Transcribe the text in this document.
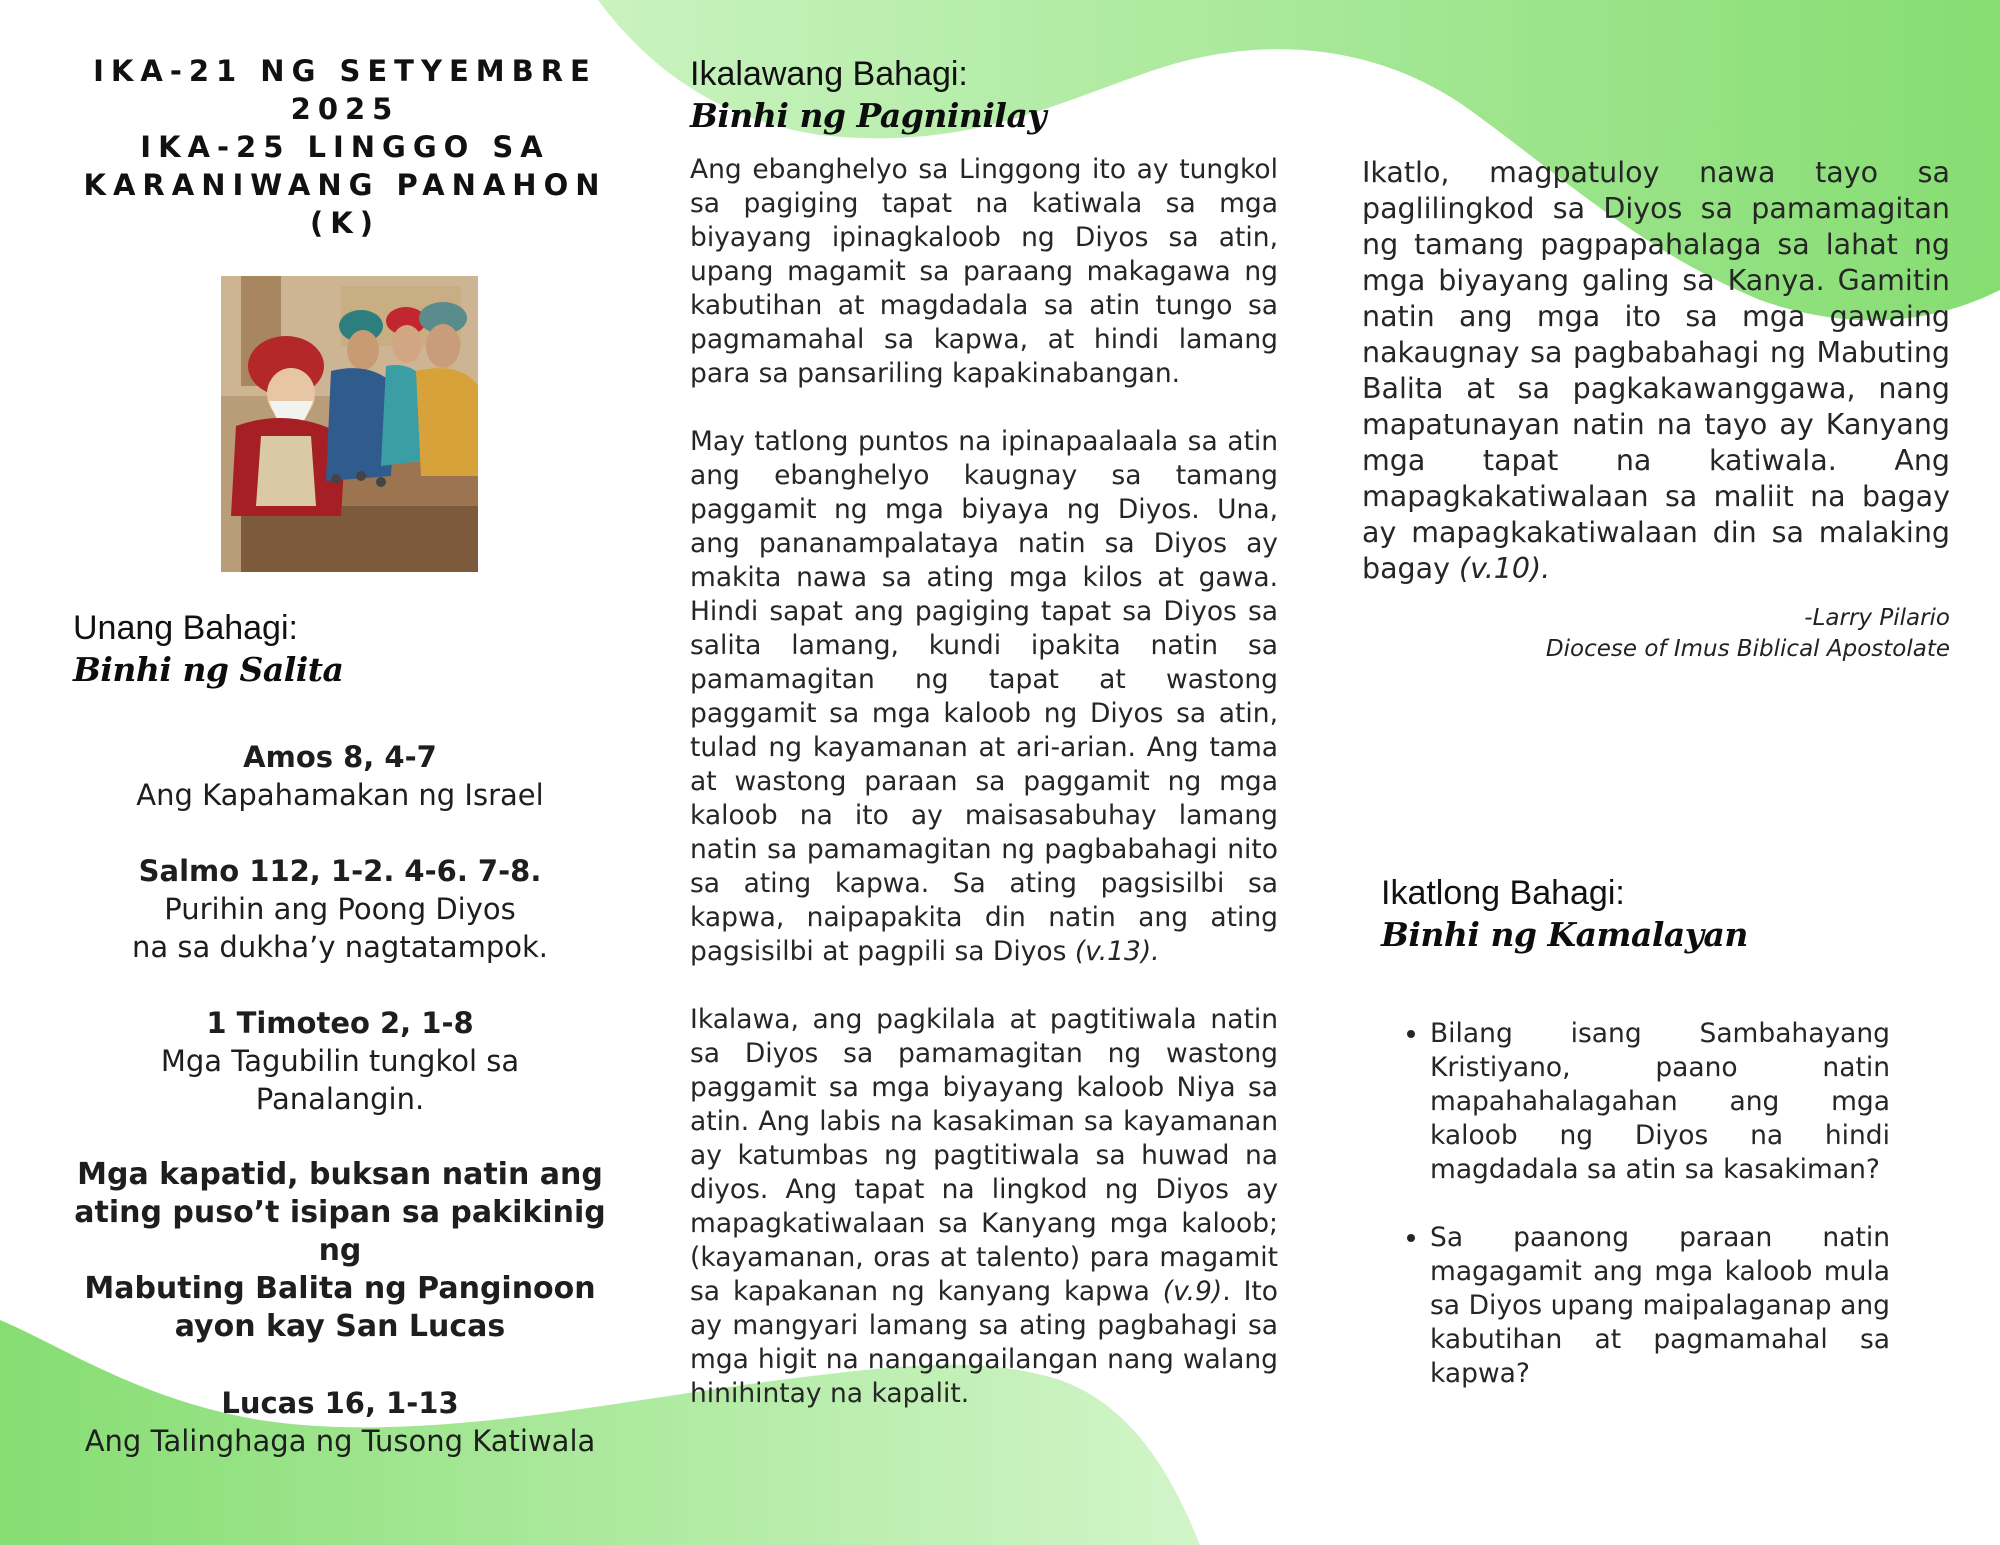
IKA-21 NG SETYEMBRE
2025
IKA-25 LINGGO SA
KARANIWANG PANAHON
(K)
Unang Bahagi:
Binhi ng Salita
Amos 8, 4-7
Ang Kapahamakan ng Israel
Salmo 112, 1-2. 4-6. 7-8.
Purihin ang Poong Diyos
na sa dukha’y nagtatampok.
1 Timoteo 2, 1-8
Mga Tagubilin tungkol sa
Panalangin.
Mga kapatid, buksan natin ang
ating puso’t isipan sa pakikinig ng
Mabuting Balita ng Panginoon
ayon kay San Lucas
Lucas 16, 1-13
Ang Talinghaga ng Tusong Katiwala
Ikalawang Bahagi:
Binhi ng Pagninilay

Ang ebanghelyo sa Linggong ito ay tungkol sa pagiging tapat na katiwala sa mga biyayang ipinagkaloob ng Diyos sa atin, upang magamit sa paraang makagawa ng kabutihan at magdadala sa atin tungo sa pagmamahal sa kapwa, at hindi lamang para sa pansariling kapakinabangan.

May tatlong puntos na ipinapaalaala sa atin ang ebanghelyo kaugnay sa tamang paggamit ng mga biyaya ng Diyos. Una, ang pananampalataya natin sa Diyos ay makita nawa sa ating mga kilos at gawa. Hindi sapat ang pagiging tapat sa Diyos sa salita lamang, kundi ipakita natin sa pamamagitan ng tapat at wastong paggamit sa mga kaloob ng Diyos sa atin, tulad ng kayamanan at ari-arian. Ang tama at wastong paraan sa paggamit ng mga kaloob na ito ay maisasabuhay lamang natin sa pamamagitan ng pagbabahagi nito sa ating kapwa. Sa ating pagsisilbi sa kapwa, naipapakita din natin ang ating pagsisilbi at pagpili sa Diyos (v.13).

Ikalawa, ang pagkilala at pagtitiwala natin sa Diyos sa pamamagitan ng wastong paggamit sa mga biyayang kaloob Niya sa atin. Ang labis na kasakiman sa kayamanan ay katumbas ng pagtitiwala sa huwad na diyos. Ang tapat na lingkod ng Diyos ay mapagkatiwalaan sa Kanyang mga kaloob; (kayamanan, oras at talento) para magamit sa kapakanan ng kanyang kapwa (v.9). Ito ay mangyari lamang sa ating pagbahagi sa mga higit na nangangailangan nang walang hinihintay na kapalit.

Ikatlo, magpatuloy nawa tayo sa paglilingkod sa Diyos sa pamamagitan ng tamang pagpapahalaga sa lahat ng mga biyayang galing sa Kanya. Gamitin natin ang mga ito sa mga gawaing nakaugnay sa pagbabahagi ng Mabuting Balita at sa pagkakawanggawa, nang mapatunayan natin na tayo ay Kanyang mga tapat na katiwala. Ang mapagkakatiwalaan sa maliit na bagay ay mapagkakatiwalaan din sa malaking bagay (v.10).

-Larry Pilario
Diocese of Imus Biblical Apostolate
Ikatlong Bahagi:
Binhi ng Kamalayan
• Bilang isang Sambahayang Kristiyano, paano natin mapahahalagahan ang mga kaloob ng Diyos na hindi magdadala sa atin sa kasakiman?
• Sa paanong paraan natin magagamit ang mga kaloob mula sa Diyos upang maipalaganap ang kabutihan at pagmamahal sa kapwa?
